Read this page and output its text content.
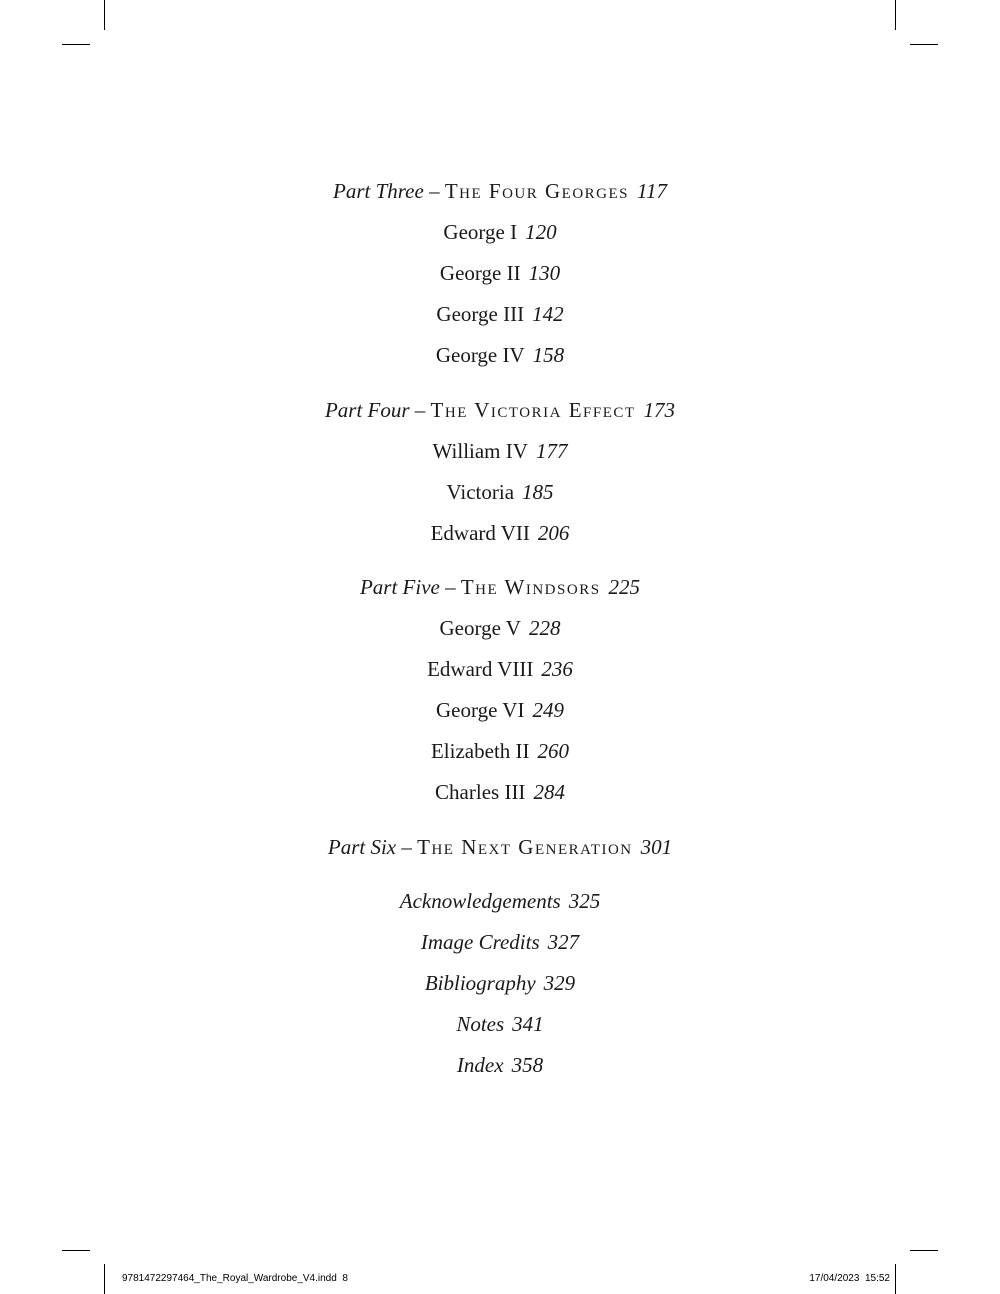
Part Three – The Four Georges 117
George I 120
George II 130
George III 142
George IV 158
Part Four – The Victoria Effect 173
William IV 177
Victoria 185
Edward VII 206
Part Five – The Windsors 225
George V 228
Edward VIII 236
George VI 249
Elizabeth II 260
Charles III 284
Part Six – The Next Generation 301
Acknowledgements 325
Image Credits 327
Bibliography 329
Notes 341
Index 358
9781472297464_The_Royal_Wardrobe_V4.indd 8	17/04/2023 15:52
